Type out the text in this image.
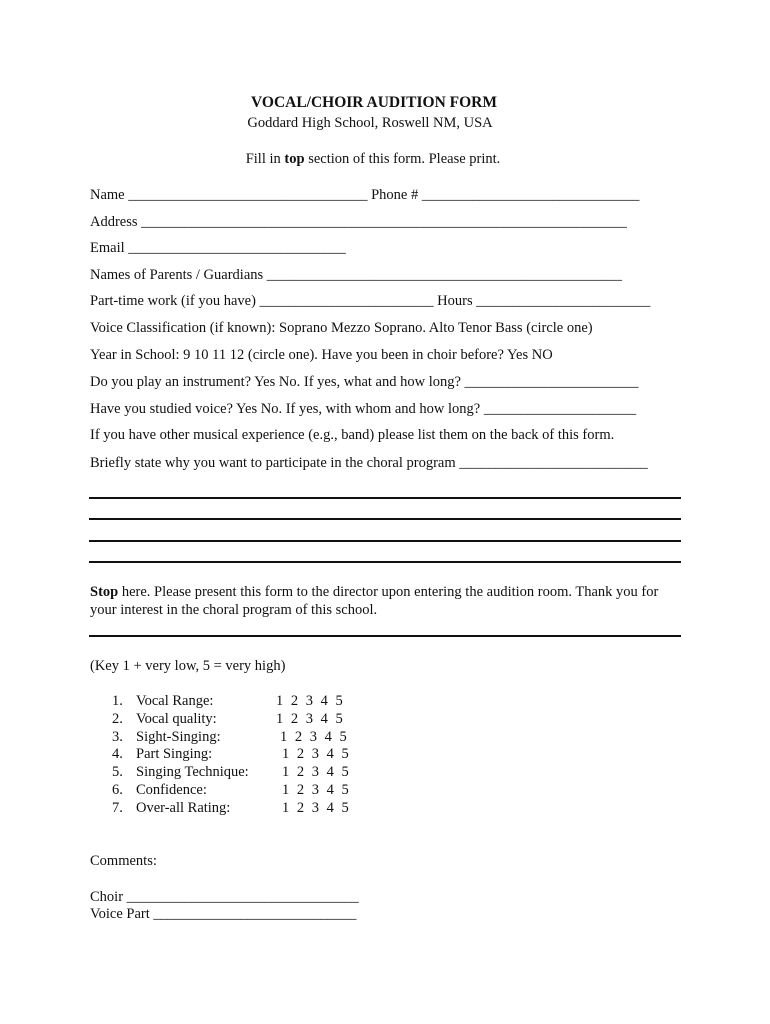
VOCAL/CHOIR AUDITION FORM
Goddard High School, Roswell NM, USA
Fill in top section of this form. Please print.
Name _________________________________ Phone # ______________________________
Address ___________________________________________________________________
Email ______________________________
Names of Parents / Guardians _________________________________________________
Part-time work (if you have) ________________________ Hours ________________________
Voice Classification (if known): Soprano Mezzo Soprano. Alto Tenor Bass (circle one)
Year in School: 9 10 11 12 (circle one). Have you been in choir before? Yes NO
Do you play an instrument? Yes No. If yes, what and how long? ________________________
Have you studied voice? Yes No. If yes, with whom and how long? _____________________
If you have other musical experience (e.g., band) please list them on the back of this form.
Briefly state why you want to participate in the choral program __________________________
Stop here. Please present this form to the director upon entering the audition room. Thank you for your interest in the choral program of this school.
(Key 1 + very low, 5 = very high)
1. Vocal Range:	1 2 3 4 5
2. Vocal quality:	1 2 3 4 5
3. Sight-Singing:	1 2 3 4 5
4. Part Singing:	1 2 3 4 5
5. Singing Technique:	1 2 3 4 5
6. Confidence:	1 2 3 4 5
7. Over-all Rating:	1 2 3 4 5
Comments:
Choir ________________________________
Voice Part ____________________________
